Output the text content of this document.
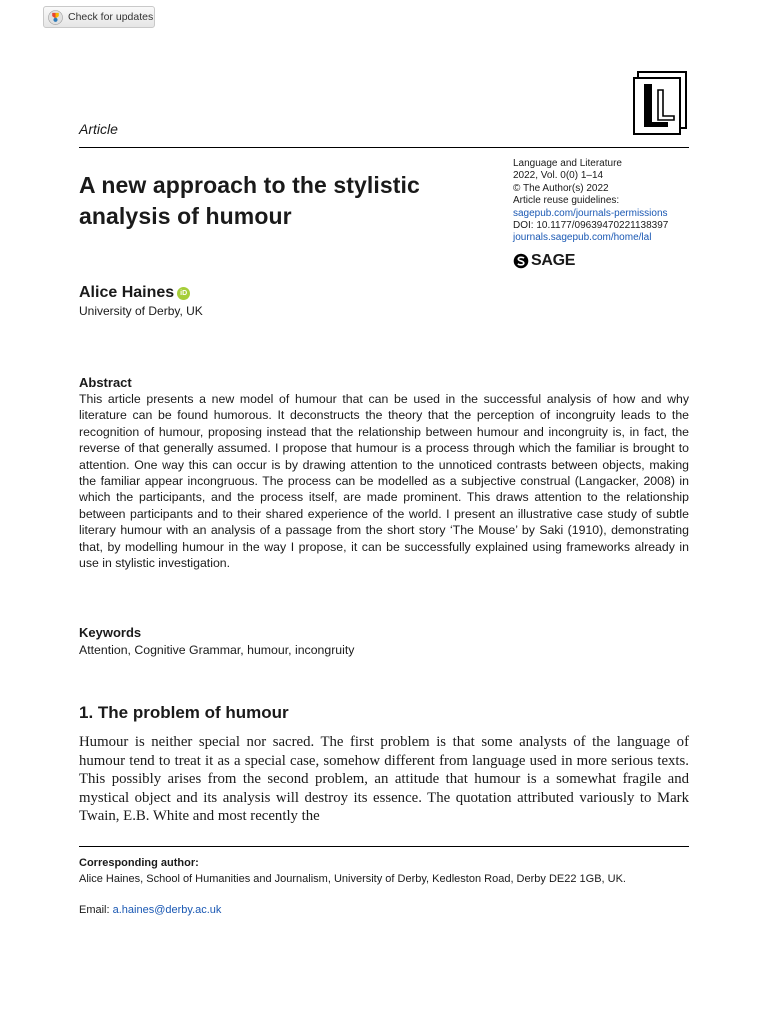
Check for updates
Article
A new approach to the stylistic analysis of humour
Language and Literature
2022, Vol. 0(0) 1–14
© The Author(s) 2022
Article reuse guidelines:
sagepub.com/journals-permissions
DOI: 10.1177/09639470221138397
journals.sagepub.com/home/lal
SAGE
Alice Haines iD
University of Derby, UK
Abstract
This article presents a new model of humour that can be used in the successful analysis of how and why literature can be found humorous. It deconstructs the theory that the perception of incongruity leads to the recognition of humour, proposing instead that the relationship between humour and incongruity is, in fact, the reverse of that generally assumed. I propose that humour is a process through which the familiar is brought to attention. One way this can occur is by drawing attention to the unnoticed contrasts between objects, making the familiar appear incongruous. The process can be modelled as a subjective construal (Langacker, 2008) in which the participants, and the process itself, are made prominent. This draws attention to the relationship between participants and to their shared experience of the world. I present an illustrative case study of subtle literary humour with an analysis of a passage from the short story ‘The Mouse’ by Saki (1910), demonstrating that, by modelling humour in the way I propose, it can be successfully explained using frameworks already in use in stylistic investigation.
Keywords
Attention, Cognitive Grammar, humour, incongruity
1. The problem of humour
Humour is neither special nor sacred. The first problem is that some analysts of the language of humour tend to treat it as a special case, somehow different from language used in more serious texts. This possibly arises from the second problem, an attitude that humour is a somewhat fragile and mystical object and its analysis will destroy its essence. The quotation attributed variously to Mark Twain, E.B. White and most recently the
Corresponding author:
Alice Haines, School of Humanities and Journalism, University of Derby, Kedleston Road, Derby DE22 1GB, UK.
Email: a.haines@derby.ac.uk
